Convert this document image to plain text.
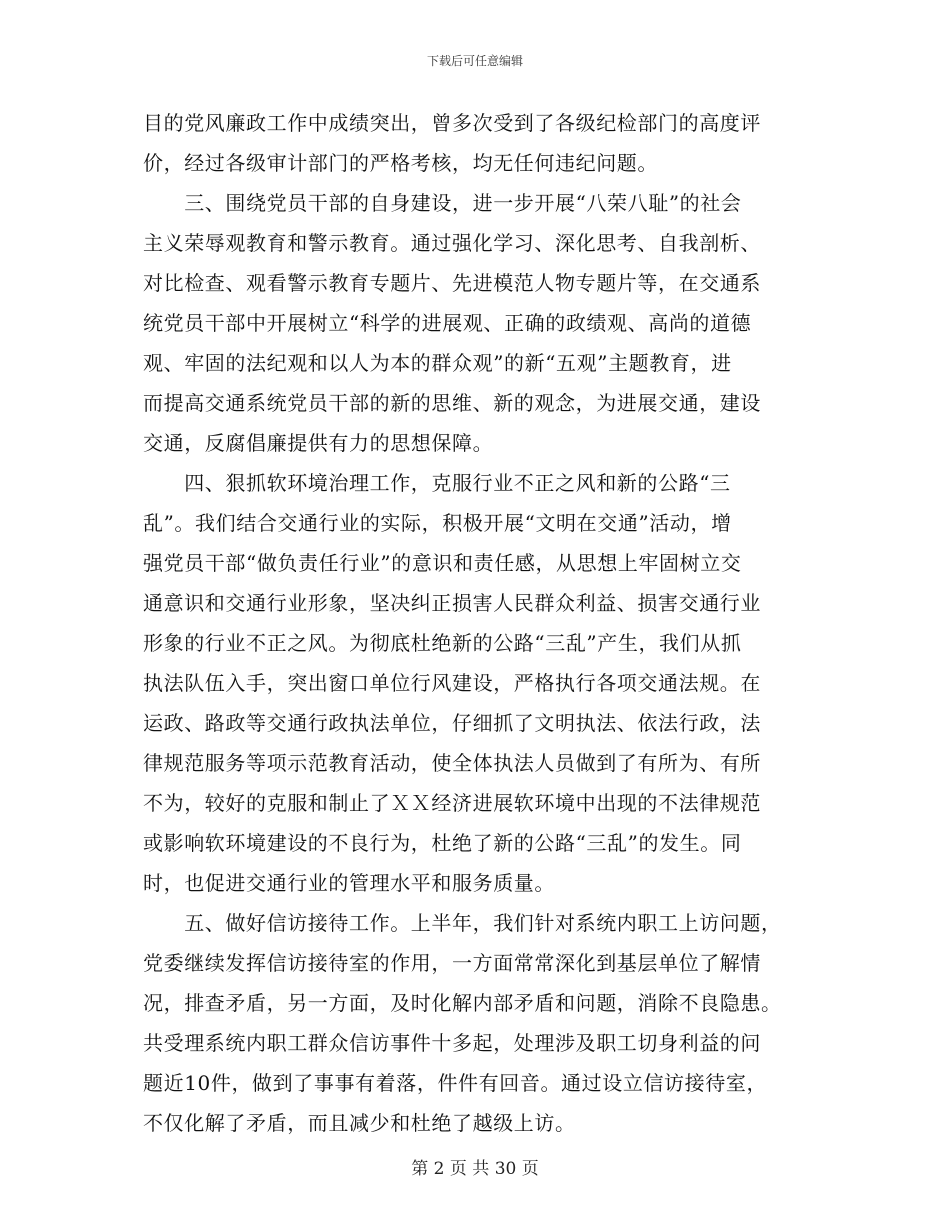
下载后可任意编辑
目的党风廉政工作中成绩突出，曾多次受到了各级纪检部门的高度评
价，经过各级审计部门的严格考核，均无任何违纪问题。
　　三、围绕党员干部的自身建设，进一步开展“八荣八耻”的社会
主义荣辱观教育和警示教育。通过强化学习、深化思考、自我剖析、
对比检查、观看警示教育专题片、先进模范人物专题片等，在交通系
统党员干部中开展树立“科学的进展观、正确的政绩观、高尚的道德
观、牢固的法纪观和以人为本的群众观”的新“五观”主题教育，进
而提高交通系统党员干部的新的思维、新的观念，为进展交通，建设
交通，反腐倡廉提供有力的思想保障。
　　四、狠抓软环境治理工作，克服行业不正之风和新的公路“三
乱”。我们结合交通行业的实际，积极开展“文明在交通”活动，增
强党员干部“做负责任行业”的意识和责任感，从思想上牢固树立交
通意识和交通行业形象，坚决纠正损害人民群众利益、损害交通行业
形象的行业不正之风。为彻底杜绝新的公路“三乱”产生，我们从抓
执法队伍入手，突出窗口单位行风建设，严格执行各项交通法规。在
运政、路政等交通行政执法单位，仔细抓了文明执法、依法行政，法
律规范服务等项示范教育活动，使全体执法人员做到了有所为、有所
不为，较好的克服和制止了ＸＸ经济进展软环境中出现的不法律规范
或影响软环境建设的不良行为，杜绝了新的公路“三乱”的发生。同
时，也促进交通行业的管理水平和服务质量。
　　五、做好信访接待工作。上半年，我们针对系统内职工上访问题，
党委继续发挥信访接待室的作用，一方面常常深化到基层单位了解情
况，排查矛盾，另一方面，及时化解内部矛盾和问题，消除不良隐患。
共受理系统内职工群众信访事件十多起，处理涉及职工切身利益的问
题近10件，做到了事事有着落，件件有回音。通过设立信访接待室，
不仅化解了矛盾，而且减少和杜绝了越级上访。
第 2 页 共 30 页
